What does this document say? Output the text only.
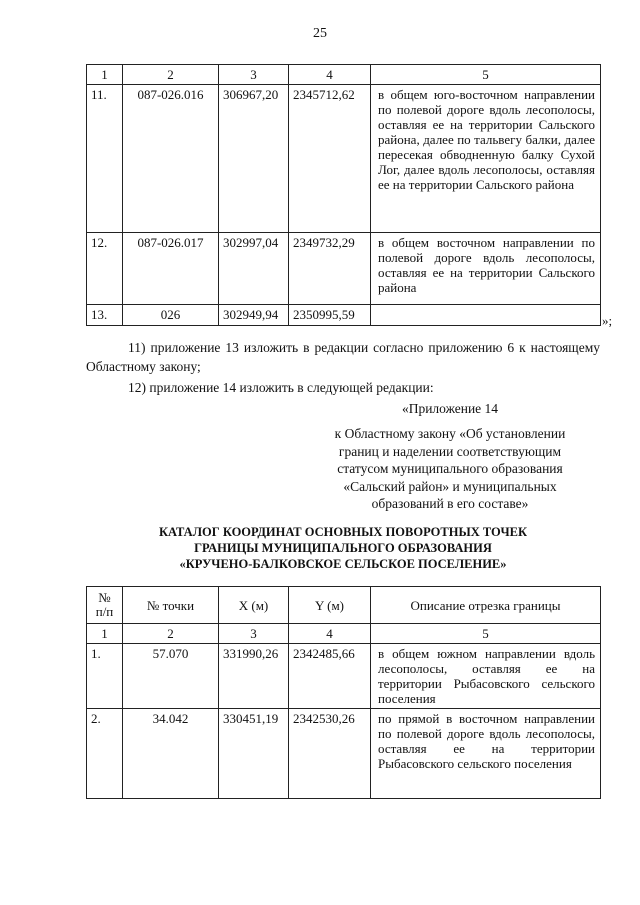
25
1	2	3	4	5
11.	087-026.016	306967,20	2345712,62	в общем юго-восточном направлении по полевой дороге вдоль лесополосы, оставляя ее на территории Сальского района, далее по тальвегу балки, далее пересекая обводненную балку Сухой Лог, далее вдоль лесополосы, оставляя ее на территории Сальского района
12.	087-026.017	302997,04	2349732,29	в общем восточном направлении по полевой дороге вдоль лесополосы, оставляя ее на территории Сальского района
13.	026	302949,94	2350995,59		»;
11) приложение 13 изложить в редакции согласно приложению 6 к настоящему Областному закону;
12) приложение 14 изложить в следующей редакции:
«Приложение 14
к Областному закону «Об установлении
границ и наделении соответствующим
статусом муниципального образования
«Сальский район» и муниципальных
образований в его составе»
КАТАЛОГ КООРДИНАТ ОСНОВНЫХ ПОВОРОТНЫХ ТОЧЕК
ГРАНИЦЫ МУНИЦИПАЛЬНОГО ОБРАЗОВАНИЯ
«КРУЧЕНО-БАЛКОВСКОЕ СЕЛЬСКОЕ ПОСЕЛЕНИЕ»
№
п/п	№ точки	X (м)	Y (м)	Описание отрезка границы
1	2	3	4	5
1.	57.070	331990,26	2342485,66	в общем южном направлении вдоль лесополосы, оставляя ее на территории Рыбасовского сельского поселения
2.	34.042	330451,19	2342530,26	по прямой в восточном направлении по полевой дороге вдоль лесополосы, оставляя ее на территории Рыбасовского сельского поселения
